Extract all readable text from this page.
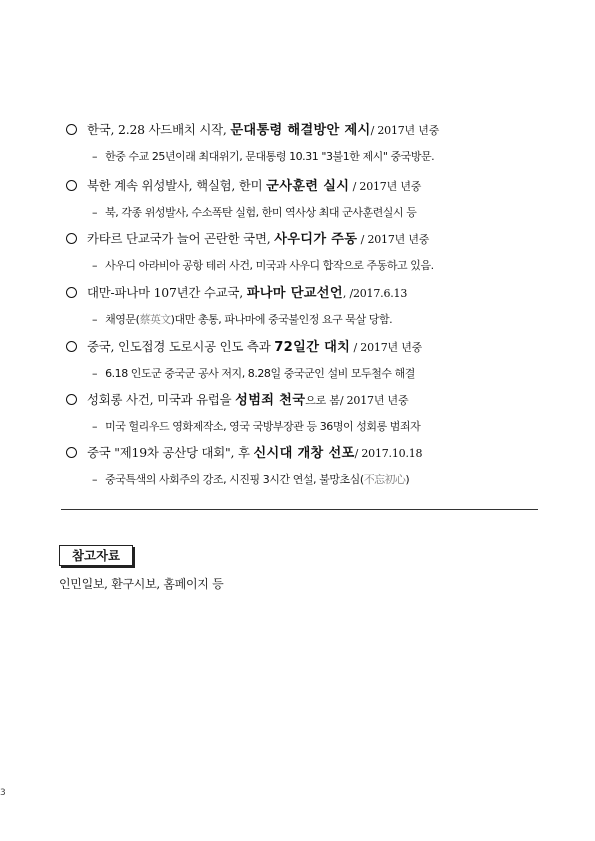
한국, 2.28 사드배치 시작, 문대통령 해결방안 제시/ 2017년 년중
– 한중 수교 25년이래 최대위기, 문대통령 10.31 "3불1한 제시" 중국방문.
북한 계속 위성발사, 핵실험, 한미 군사훈련 실시 / 2017년 년중
– 북, 각종 위성발사, 수소폭탄 실험, 한미 역사상 최대 군사훈련실시 등
카타르 단교국가 늘어 곤란한 국면, 사우디가 주동 / 2017년 년중
– 사우디 아라비아 공항 테러 사건, 미국과 사우디 합작으로 주동하고 있음.
대만-파나마 107년간 수교국, 파나마 단교선언, /2017.6.13
– 채영문(蔡英文)대만 총통, 파나마에 중국불인정 요구 묵살 당함.
중국, 인도접경 도로시공 인도 측과 72일간 대치 / 2017년 년중
– 6.18 인도군 중국군 공사 저지, 8.28일 중국군인 설비 모두철수 해결
성회롱 사건, 미국과 유럽을 성범죄 천국으로 봄/ 2017년 년중
– 미국 헐리우드 영화제작소, 영국 국방부장관 등 36명이 성회롱 범죄자
중국 "제19차 공산당 대회", 후 신시대 개창 선포/ 2017.10.18
– 중국특색의 사회주의 강조, 시진핑 3시간 연설, 불망초심(不忘初心)
참고자료
인민일보, 환구시보, 홈페이지 등
3
